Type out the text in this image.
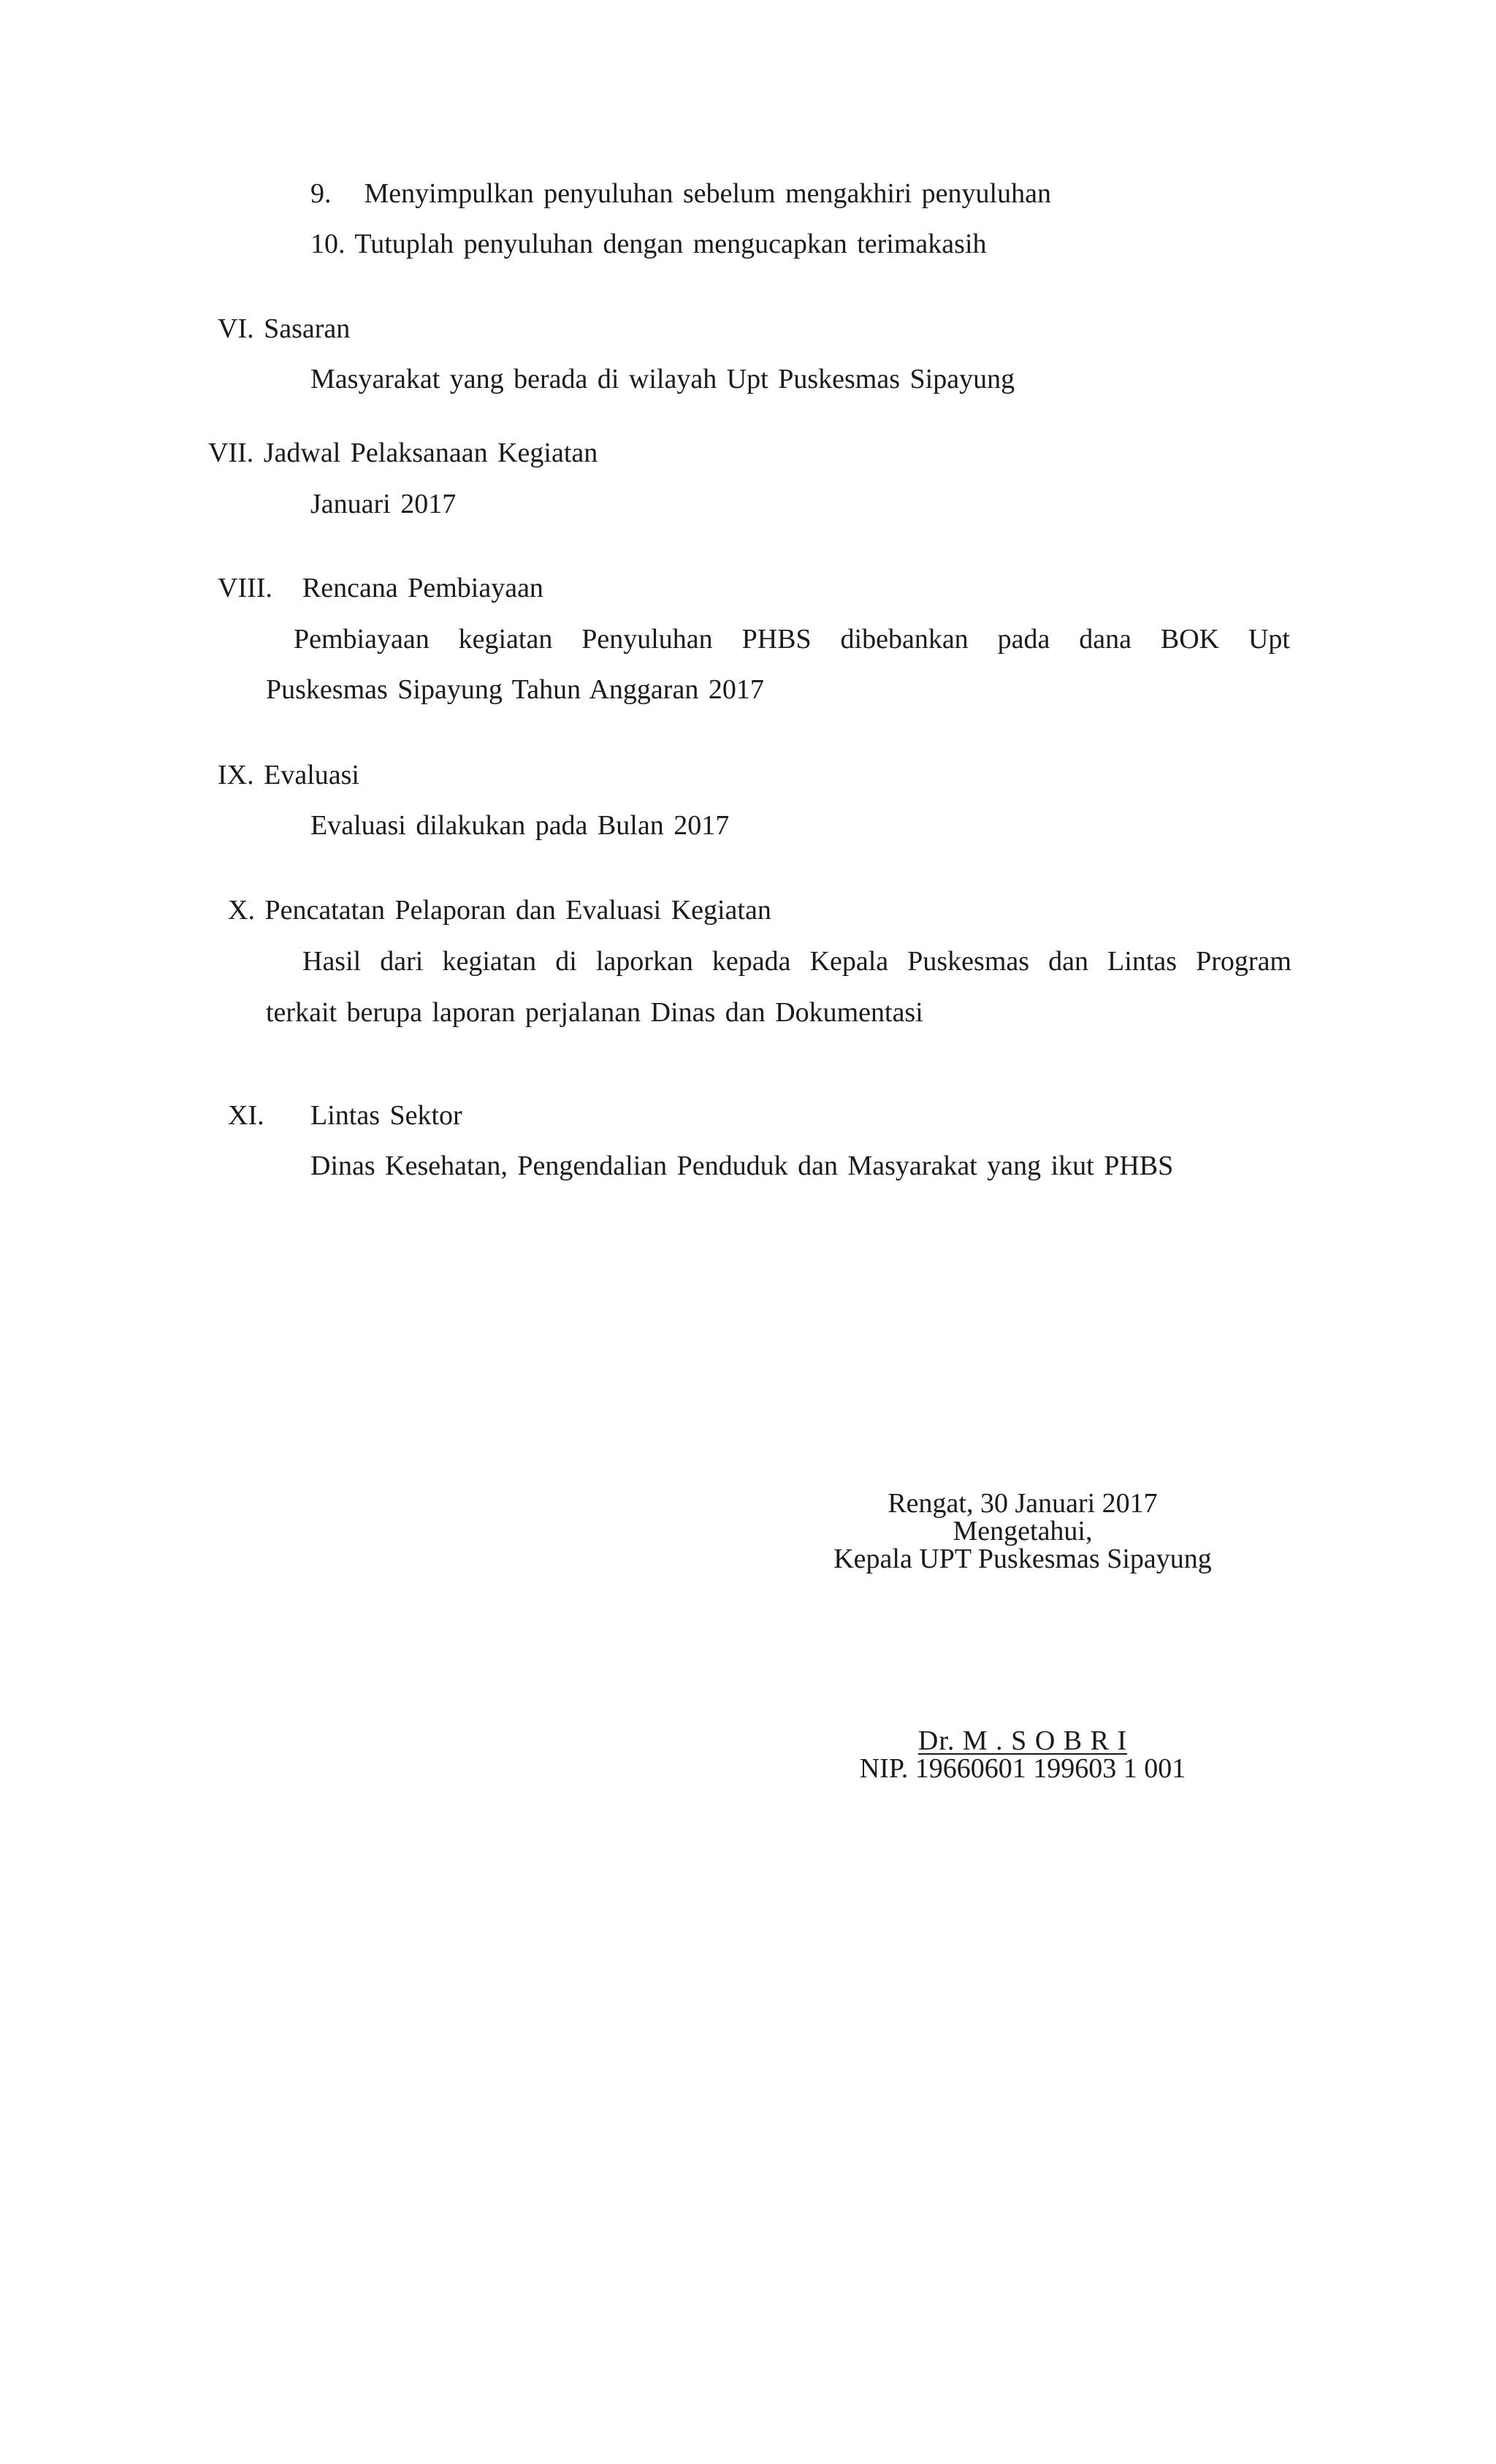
9. Menyimpulkan penyuluhan sebelum mengakhiri penyuluhan
10. Tutuplah penyuluhan dengan mengucapkan terimakasih
VI. Sasaran
Masyarakat yang berada di wilayah Upt Puskesmas Sipayung
VII. Jadwal Pelaksanaan Kegiatan
Januari 2017
VIII. Rencana Pembiayaan
Pembiayaan kegiatan Penyuluhan PHBS dibebankan pada dana BOK Upt
Puskesmas Sipayung Tahun Anggaran 2017
IX. Evaluasi
Evaluasi dilakukan pada Bulan 2017
X. Pencatatan Pelaporan dan Evaluasi Kegiatan
Hasil dari kegiatan di laporkan kepada Kepala Puskesmas dan Lintas Program
terkait berupa laporan perjalanan Dinas dan Dokumentasi
XI. Lintas Sektor
Dinas Kesehatan, Pengendalian Penduduk dan Masyarakat yang ikut PHBS
Rengat, 30 Januari 2017
Mengetahui,
Kepala UPT Puskesmas Sipayung
Dr. M . S O B R I
NIP. 19660601 199603 1 001
